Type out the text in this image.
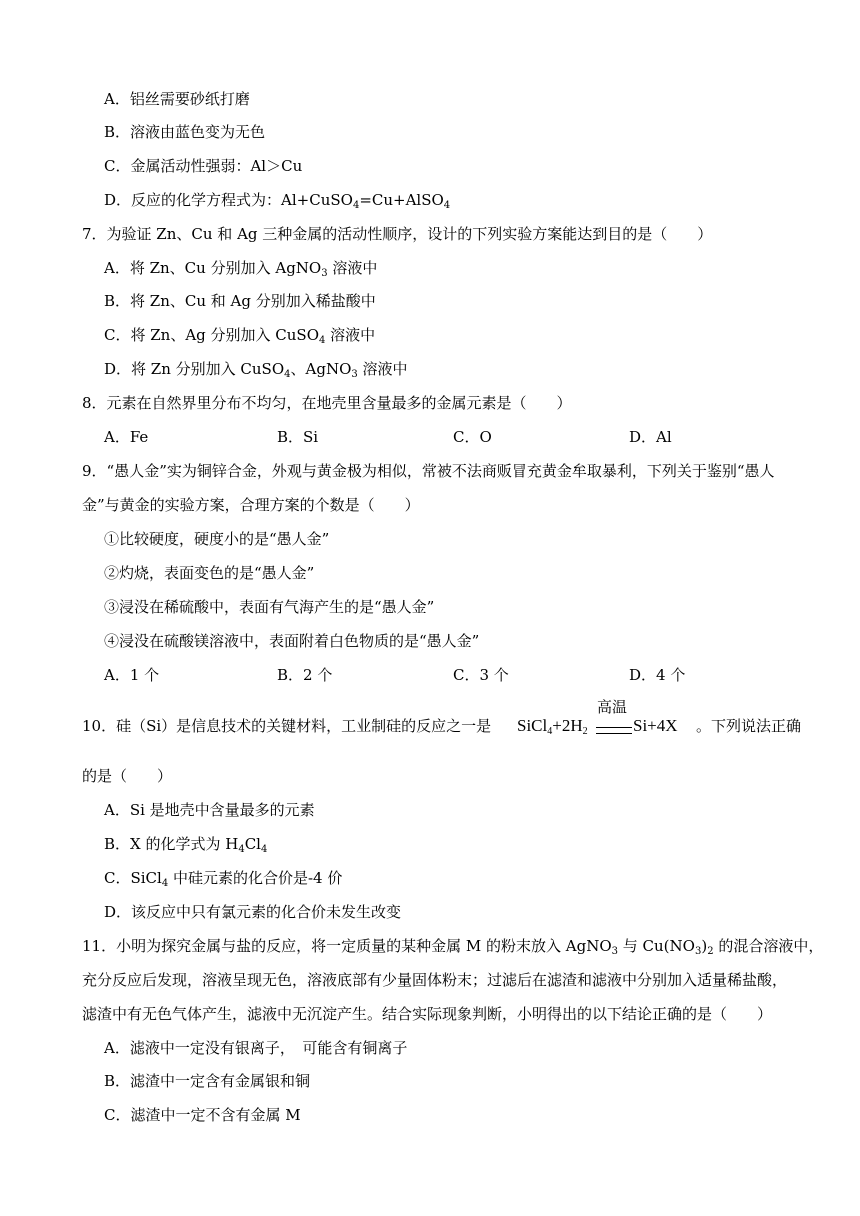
A．铝丝需要砂纸打磨
B．溶液由蓝色变为无色
C．金属活动性强弱：Al＞Cu
D．反应的化学方程式为：Al+CuSO$_4$=Cu+AlSO$_4$
7．为验证 Zn、Cu 和 Ag 三种金属的活动性顺序，设计的下列实验方案能达到目的是（　　）
A．将 Zn、Cu 分别加入 AgNO$_3$ 溶液中
B．将 Zn、Cu 和 Ag 分别加入稀盐酸中
C．将 Zn、Ag 分别加入 CuSO$_4$ 溶液中
D．将 Zn 分别加入 CuSO$_4$、AgNO$_3$ 溶液中
8．元素在自然界里分布不均匀，在地壳里含量最多的金属元素是（　　）
A．Fe	B．Si	C．O	D．Al
9．“愚人金”实为铜锌合金，外观与黄金极为相似，常被不法商贩冒充黄金牟取暴利，下列关于鉴别“愚人
金”与黄金的实验方案，合理方案的个数是（　　）
①比较硬度，硬度小的是“愚人金”
②灼烧，表面变色的是“愚人金”
③浸没在稀硫酸中，表面有气海产生的是“愚人金”
④浸没在硫酸镁溶液中，表面附着白色物质的是“愚人金”
A．1 个	B．2 个	C．3 个	D．4 个
10．硅（Si）是信息技术的关键材料，工业制硅的反应之一是 $SiCl_4+2H_2$
高温
Si+4X 。下列说法正确
的是（　　）
A．Si 是地壳中含量最多的元素
B．X 的化学式为 $H_4Cl_4$
C．SiCl$_4$ 中硅元素的化合价是-4 价
D．该反应中只有氯元素的化合价未发生改变
11．小明为探究金属与盐的反应，将一定质量的某种金属 M 的粉末放入 AgNO$_3$ 与 $Cu(NO_3)_2$ 的混合溶液中，
充分反应后发现，溶液呈现无色，溶液底部有少量固体粉末；过滤后在滤渣和滤液中分别加入适量稀盐酸，
滤渣中有无色气体产生，滤液中无沉淀产生。结合实际现象判断，小明得出的以下结论正确的是（　　）
A．滤液中一定没有银离子，　可能含有铜离子
B．滤渣中一定含有金属银和铜
C．滤渣中一定不含有金属 M
